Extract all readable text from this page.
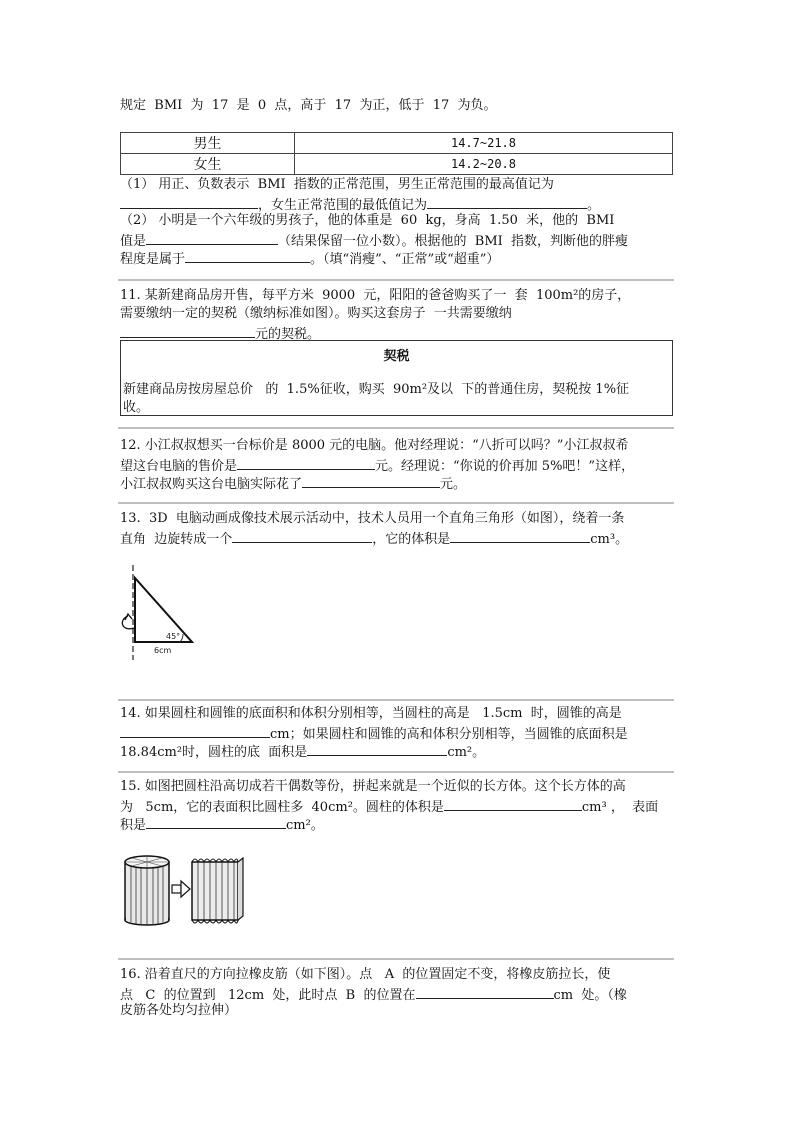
规定  BMI  为  17  是  0  点，高于  17  为正，低于  17  为负。
男生	14.7~21.8
女生	14.2~20.8
（1） 用正、负数表示  BMI  指数的正常范围，男生正常范围的最高值记为
，女生正常范围的最低值记为	。
（2） 小明是一个六年级的男孩子，他的体重是  60  kg，身高  1.50  米，他的  BMI
值是	（结果保留一位小数）。根据他的  BMI  指数，判断他的胖瘦
程度是属于	。（填“消瘦”、“正常”或“超重”）
11. 某新建商品房开售，每平方米  9000  元，阳阳的爸爸购买了一  套  100m²的房子，
需要缴纳一定的契税（缴纳标准如图）。购买这套房子  一共需要缴纳
元的契税。
契税
新建商品房按房屋总价   的  1.5%征收，购买  90m²及以  下的普通住房，契税按 1%征
收。
12. 小江叔叔想买一台标价是 8000 元的电脑。他对经理说：“八折可以吗？”小江叔叔希
望这台电脑的售价是	元。经理说：“你说的价再加 5%吧！”这样，
小江叔叔购买这台电脑实际花了	元。
13.  3D  电脑动画成像技术展示活动中，技术人员用一个直角三角形（如图），绕着一条
直角  边旋转成一个	，它的体积是	cm³。
45°
6cm
14. 如果圆柱和圆锥的底面积和体积分别相等，当圆柱的高是   1.5cm  时，圆锥的高是
cm；如果圆柱和圆锥的高和体积分别相等，当圆锥的底面积是
18.84cm²时，圆柱的底  面积是	cm²。
15. 如图把圆柱沿高切成若干偶数等份，拼起来就是一个近似的长方体。这个长方体的高
为   5cm，它的表面积比圆柱多  40cm²。圆柱的体积是	cm³ ，  表面
积是	cm²。
16. 沿着直尺的方向拉橡皮筋（如下图）。点   A  的位置固定不变，将橡皮筋拉长，使
点   C  的位置到   12cm  处，此时点  B  的位置在	cm  处。（橡
皮筋各处均匀拉伸）
